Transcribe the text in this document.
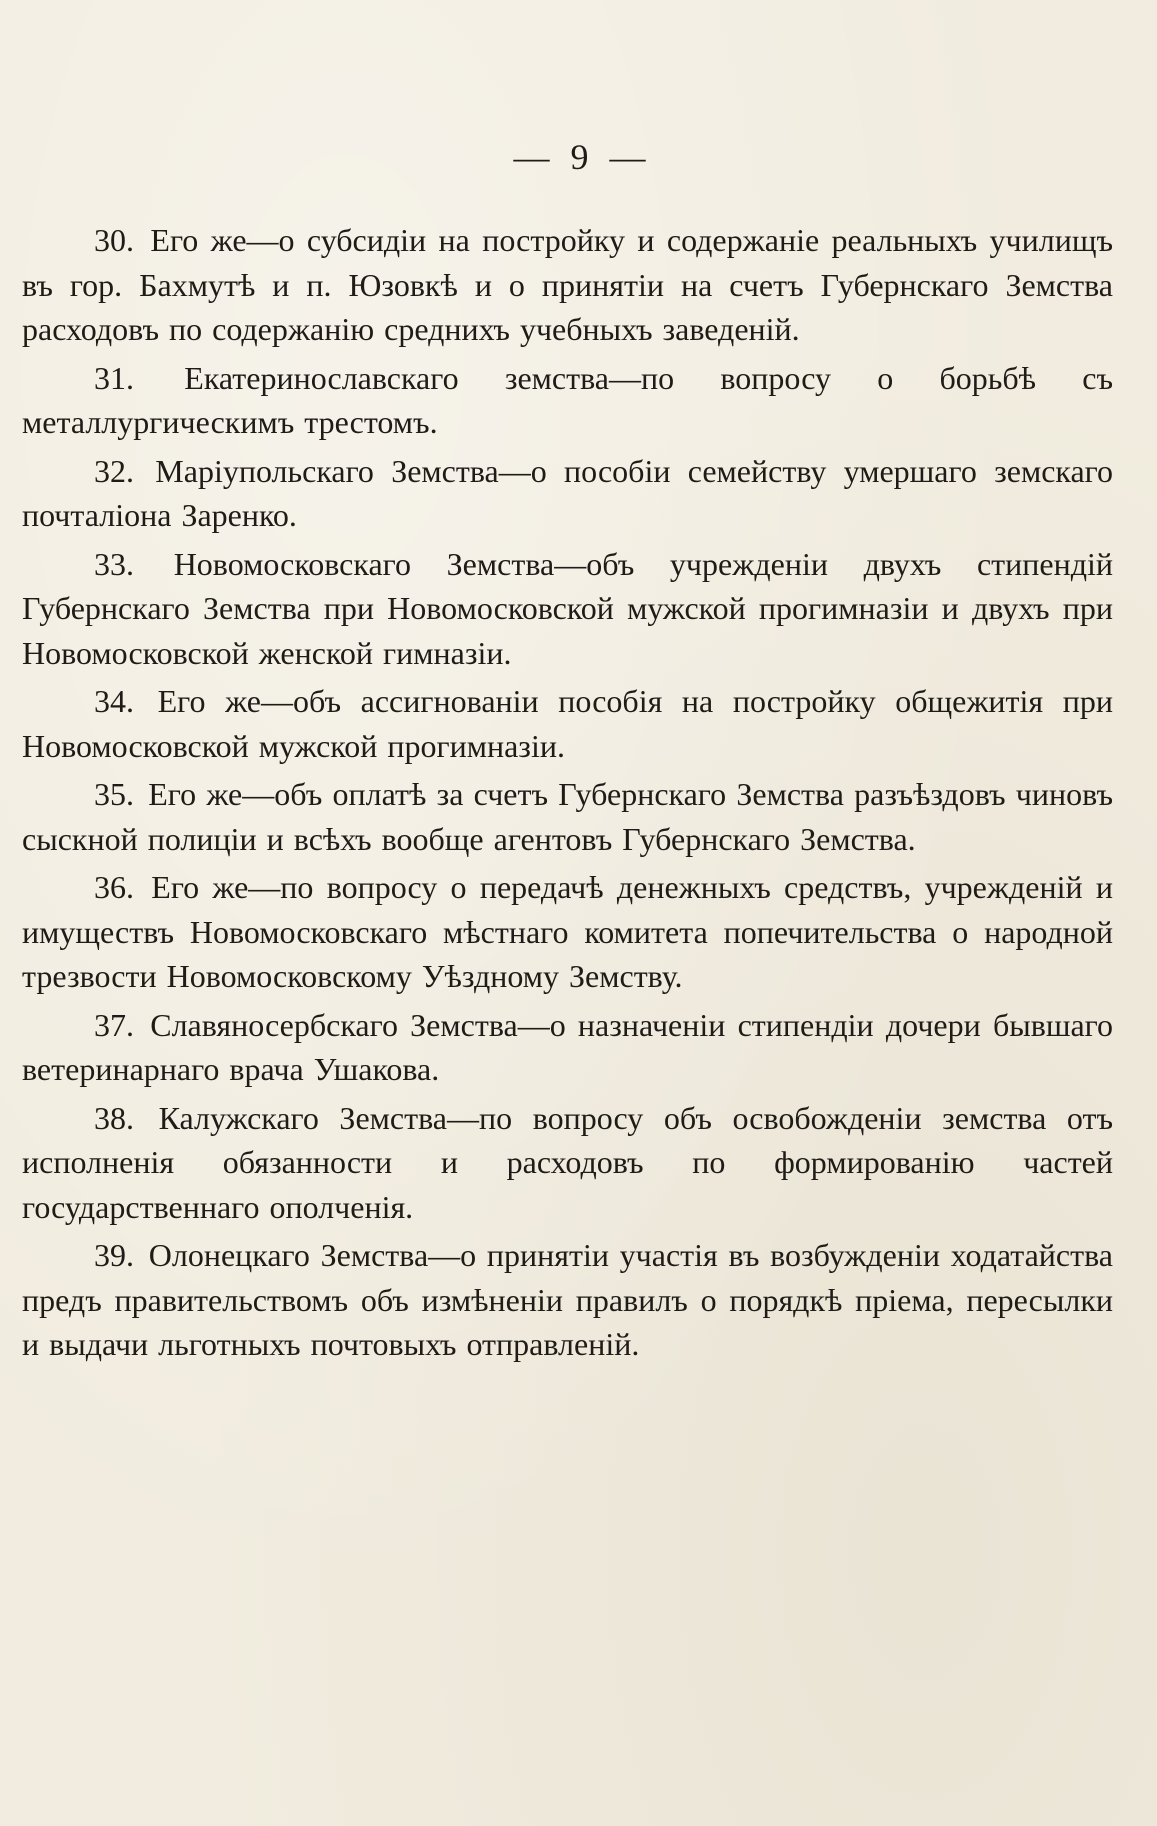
— 9 —

30. Его же—о субсидіи на постройку и содержаніе реальныхъ училищъ въ гор. Бахмутѣ и п. Юзовкѣ и о принятіи на счетъ Губернскаго Земства расходовъ по содержанію среднихъ учебныхъ заведеній.

31. Екатеринославскаго земства—по вопросу о борьбѣ съ металлургическимъ трестомъ.

32. Маріупольскаго Земства—о пособіи семейству умершаго земскаго почталіона Заренко.

33. Новомосковскаго Земства—объ учрежденіи двухъ стипендій Губернскаго Земства при Новомосковской мужской прогимназіи и двухъ при Новомосковской женской гимназіи.

34. Его же—объ ассигнованіи пособія на постройку общежитія при Новомосковской мужской прогимназіи.

35. Его же—объ оплатѣ за счетъ Губернскаго Земства разъѣздовъ чиновъ сыскной полиціи и всѣхъ вообще агентовъ Губернскаго Земства.

36. Его же—по вопросу о передачѣ денежныхъ средствъ, учрежденій и имуществъ Новомосковскаго мѣстнаго комитета попечительства о народной трезвости Новомосковскому Уѣздному Земству.

37. Славяносербскаго Земства—о назначеніи стипендіи дочери бывшаго ветеринарнаго врача Ушакова.

38. Калужскаго Земства—по вопросу объ освобожденіи земства отъ исполненія обязанности и расходовъ по формированію частей государственнаго ополченія.

39. Олонецкаго Земства—о принятіи участія въ возбужденіи ходатайства предъ правительствомъ объ измѣненіи правилъ о порядкѣ пріема, пересылки и выдачи льготныхъ почтовыхъ отправленій.
